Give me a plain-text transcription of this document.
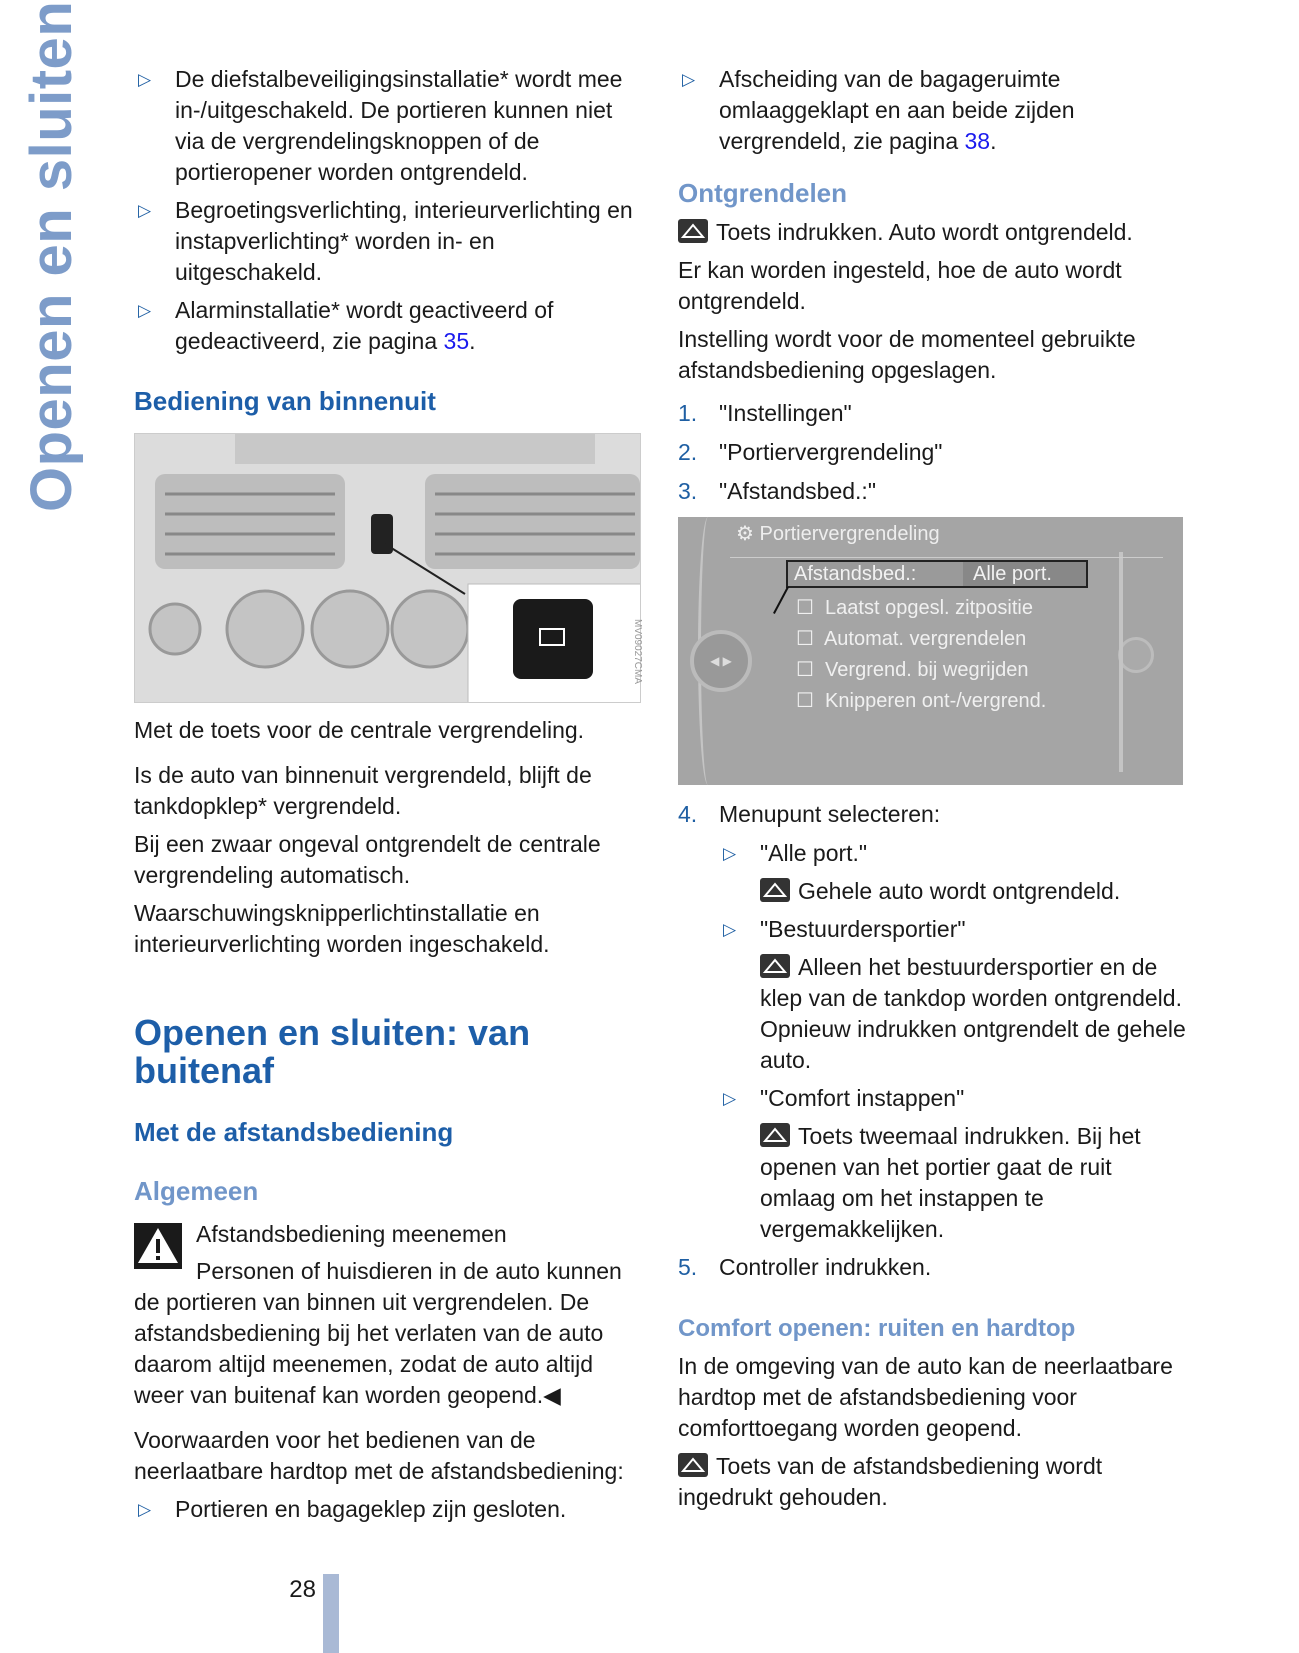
Openen en sluiten	▷ De diefstalbeveiligingsinstallatie* wordt mee in-/uitgeschakeld. De portieren kunnen niet via de vergrendelingsknoppen of de portieropener worden ontgrendeld.
▷ Begroetingsverlichting, interieurverlichting en instapverlichting* worden in- en uitgeschakeld.
▷ Alarminstallatie* wordt geactiveerd of gedeactiveerd, zie pagina 35.
Bediening van binnenuit
MV09027CMA

Met de toets voor de centrale vergrendeling.

Is de auto van binnenuit vergrendeld, blijft de tankdopklep* vergrendeld.

Bij een zwaar ongeval ontgrendelt de centrale vergrendeling automatisch.

Waarschuwingsknipperlichtinstallatie en interieurverlichting worden ingeschakeld.

Openen en sluiten: van buitenaf
Met de afstandsbediening
Algemeen

Afstandsbediening meenemen

Personen of huisdieren in de auto kunnen de portieren van binnen uit vergrendelen. De afstandsbediening bij het verlaten van de auto daarom altijd meenemen, zodat de auto altijd weer van buitenaf kan worden geopend.◀

Voorwaarden voor het bedienen van de neerlaatbare hardtop met de afstandsbediening:

▷ Portieren en bagageklep zijn gesloten.
▷ Afscheiding van de bagageruimte omlaaggeklapt en aan beide zijden vergrendeld, zie pagina 38.
Ontgrendelen

Toets indrukken. Auto wordt ontgrendeld.

Er kan worden ingesteld, hoe de auto wordt ontgrendeld.

Instelling wordt voor de momenteel gebruikte afstandsbediening opgeslagen.

1. "Instellingen"
2. "Portiervergrendeling"
3. "Afstandsbed.:"
◀ ▶
⚙ Portiervergrendeling
Afstandsbed.:	Alle port.
☐  Laatst opgesl. zitpositie
☐  Automat. vergrendelen
☐  Vergrend. bij wegrijden
☐  Knipperen ont-/vergrend.
4. Menupunt selecteren:
▷ "Alle port."

Gehele auto wordt ontgrendeld.

▷ "Bestuurdersportier"

Alleen het bestuurdersportier en de klep van de tankdop worden ontgrendeld. Opnieuw indrukken ontgrendelt de gehele auto.

▷ "Comfort instappen"

Toets tweemaal indrukken. Bij het openen van het portier gaat de ruit omlaag om het instappen te vergemakkelijken.

5. Controller indrukken.
Comfort openen: ruiten en hardtop

In de omgeving van de auto kan de neerlaatbare hardtop met de afstandsbediening voor comforttoegang worden geopend.

Toets van de afstandsbediening wordt ingedrukt gehouden.

28
